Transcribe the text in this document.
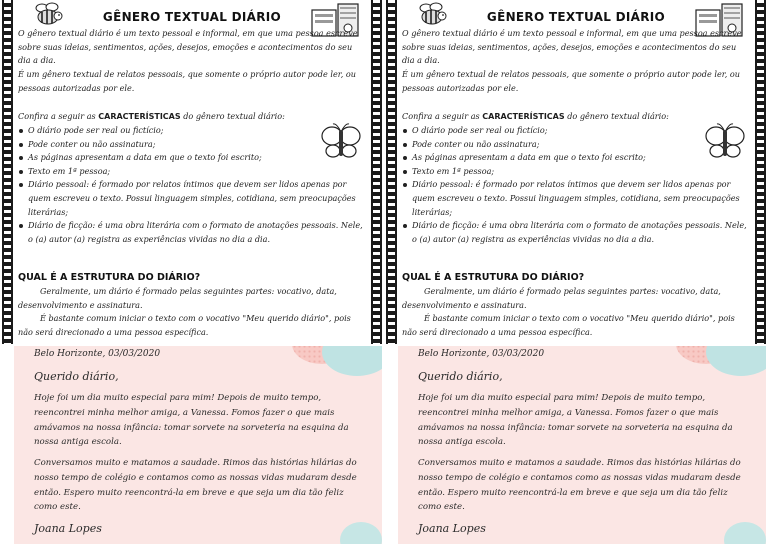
GÊNERO TEXTUAL DIÁRIO

O gênero textual diário é um texto pessoal e informal, em que uma pessoa escreve sobre suas ideias, sentimentos, ações, desejos, emoções e acontecimentos do seu dia a dia.

É um gênero textual de relatos pessoais, que somente o próprio autor pode ler, ou pessoas autorizadas por ele.

Confira a seguir as CARACTERÍSTICAS do gênero textual diário:

O diário pode ser real ou fictício;
Pode conter ou não assinatura;
As páginas apresentam a data em que o texto foi escrito;
Texto em 1ª pessoa;
Diário pessoal: é formado por relatos íntimos que devem ser lidos apenas por quem escreveu o texto. Possui linguagem simples, cotidiana, sem preocupações literárias;
Diário de ficção: é uma obra literária com o formato de anotações pessoais. Nele, o (a) autor (a) registra as experiências vividas no dia a dia.
QUAL É A ESTRUTURA DO DIÁRIO?

Geralmente, um diário é formado pelas seguintes partes: vocativo, data, desenvolvimento e assinatura.

É bastante comum iniciar o texto com o vocativo "Meu querido diário", pois não será direcionado a uma pessoa específica.

Belo Horizonte, 03/03/2020
Querido diário,

Hoje foi um dia muito especial para mim! Depois de muito tempo, reencontrei minha melhor amiga, a Vanessa. Fomos fazer o que mais amávamos na nossa infância: tomar sorvete na sorveteria na esquina da nossa antiga escola.

Conversamos muito e matamos a saudade. Rimos das histórias hilárias do nosso tempo de colégio e contamos como as nossas vidas mudaram desde então. Espero muito reencontrá-la em breve e que seja um dia tão feliz como este.

Joana Lopes
GÊNERO TEXTUAL DIÁRIO

O gênero textual diário é um texto pessoal e informal, em que uma pessoa escreve sobre suas ideias, sentimentos, ações, desejos, emoções e acontecimentos do seu dia a dia.

É um gênero textual de relatos pessoais, que somente o próprio autor pode ler, ou pessoas autorizadas por ele.

Confira a seguir as CARACTERÍSTICAS do gênero textual diário:

O diário pode ser real ou fictício;
Pode conter ou não assinatura;
As páginas apresentam a data em que o texto foi escrito;
Texto em 1ª pessoa;
Diário pessoal: é formado por relatos íntimos que devem ser lidos apenas por quem escreveu o texto. Possui linguagem simples, cotidiana, sem preocupações literárias;
Diário de ficção: é uma obra literária com o formato de anotações pessoais. Nele, o (a) autor (a) registra as experiências vividas no dia a dia.
QUAL É A ESTRUTURA DO DIÁRIO?

Geralmente, um diário é formado pelas seguintes partes: vocativo, data, desenvolvimento e assinatura.

É bastante comum iniciar o texto com o vocativo "Meu querido diário", pois não será direcionado a uma pessoa específica.

Belo Horizonte, 03/03/2020
Querido diário,

Hoje foi um dia muito especial para mim! Depois de muito tempo, reencontrei minha melhor amiga, a Vanessa. Fomos fazer o que mais amávamos na nossa infância: tomar sorvete na sorveteria na esquina da nossa antiga escola.

Conversamos muito e matamos a saudade. Rimos das histórias hilárias do nosso tempo de colégio e contamos como as nossas vidas mudaram desde então. Espero muito reencontrá-la em breve e que seja um dia tão feliz como este.

Joana Lopes
